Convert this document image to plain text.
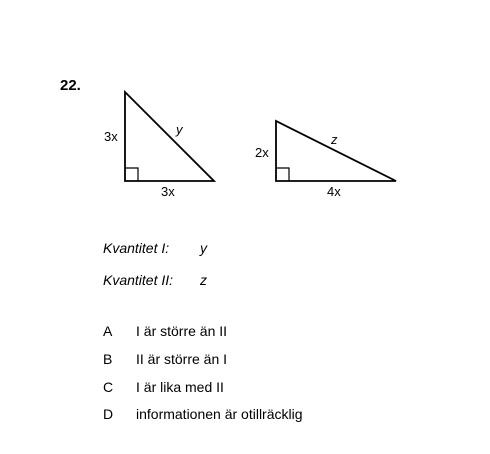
22.
3x	y
3x
2x
z
4x
Kvantitet I: y
Kvantitet II: z
A I är större än II
B II är större än I
C I är lika med II
D informationen är otillräcklig
